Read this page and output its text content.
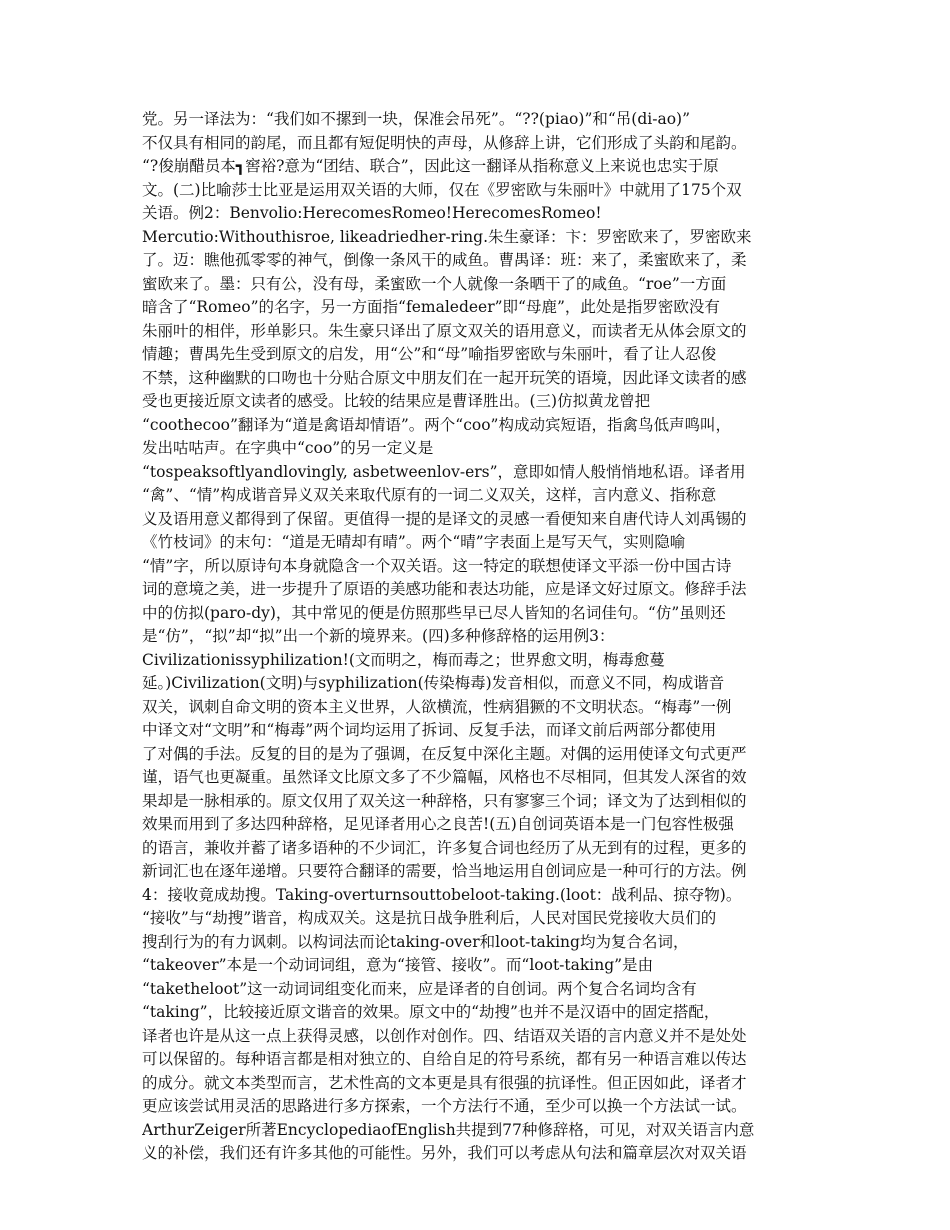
党。另一译法为：“我们如不摞到一块，保准会吊死”。“??(piao)”和“吊(di-ao)”
不仅具有相同的韵尾，而且都有短促明快的声母，从修辞上讲，它们形成了头韵和尾韵。
“?俊崩醋员本┓窖裕?意为“团结、联合”，因此这一翻译从指称意义上来说也忠实于原
文。(二)比喻莎士比亚是运用双关语的大师，仅在《罗密欧与朱丽叶》中就用了175个双
关语。例2：Benvolio:HerecomesRomeo!HerecomesRomeo!
Mercutio:Withouthisroe, likeadriedher-ring.朱生豪译：卞：罗密欧来了，罗密欧来
了。迈：瞧他孤零零的神气，倒像一条风干的咸鱼。曹禺译：班：来了，柔蜜欧来了，柔
蜜欧来了。墨：只有公，没有母，柔蜜欧一个人就像一条晒干了的咸鱼。“roe”一方面
暗含了“Romeo”的名字，另一方面指“femaledeer”即“母鹿”，此处是指罗密欧没有
朱丽叶的相伴，形单影只。朱生豪只译出了原文双关的语用意义，而读者无从体会原文的
情趣；曹禺先生受到原文的启发，用“公”和“母”喻指罗密欧与朱丽叶，看了让人忍俊
不禁，这种幽默的口吻也十分贴合原文中朋友们在一起开玩笑的语境，因此译文读者的感
受也更接近原文读者的感受。比较的结果应是曹译胜出。(三)仿拟黄龙曾把
“coothecoo”翻译为“道是禽语却情语”。两个“coo”构成动宾短语，指禽鸟低声鸣叫，
发出咕咕声。在字典中“coo”的另一定义是
“tospeaksoftlyandlovingly, asbetweenlov-ers”，意即如情人般悄悄地私语。译者用
“禽”、“情”构成谐音异义双关来取代原有的一词二义双关，这样，言内意义、指称意
义及语用意义都得到了保留。更值得一提的是译文的灵感一看便知来自唐代诗人刘禹锡的
《竹枝词》的末句：“道是无晴却有晴”。两个“晴”字表面上是写天气，实则隐喻
“情”字，所以原诗句本身就隐含一个双关语。这一特定的联想使译文平添一份中国古诗
词的意境之美，进一步提升了原语的美感功能和表达功能，应是译文好过原文。修辞手法
中的仿拟(paro-dy)，其中常见的便是仿照那些早已尽人皆知的名词佳句。“仿”虽则还
是“仿”，“拟”却“拟”出一个新的境界来。(四)多种修辞格的运用例3：
Civilizationissyphilization!(文而明之，梅而毒之；世界愈文明，梅毒愈蔓
延。)Civilization(文明)与syphilization(传染梅毒)发音相似，而意义不同，构成谐音
双关，讽刺自命文明的资本主义世界，人欲横流，性病猖獗的不文明状态。“梅毒”一例
中译文对“文明”和“梅毒”两个词均运用了拆词、反复手法，而译文前后两部分都使用
了对偶的手法。反复的目的是为了强调，在反复中深化主题。对偶的运用使译文句式更严
谨，语气也更凝重。虽然译文比原文多了不少篇幅，风格也不尽相同，但其发人深省的效
果却是一脉相承的。原文仅用了双关这一种辞格，只有寥寥三个词；译文为了达到相似的
效果而用到了多达四种辞格，足见译者用心之良苦!(五)自创词英语本是一门包容性极强
的语言，兼收并蓄了诸多语种的不少词汇，许多复合词也经历了从无到有的过程，更多的
新词汇也在逐年递增。只要符合翻译的需要，恰当地运用自创词应是一种可行的方法。例
4：接收竟成劫搜。Taking-overturnsouttobeloot-taking.(loot：战利品、掠夺物)。
“接收”与“劫搜”谐音，构成双关。这是抗日战争胜利后，人民对国民党接收大员们的
搜刮行为的有力讽刺。以构词法而论taking-over和loot-taking均为复合名词，
“takeover”本是一个动词词组，意为“接管、接收”。而“loot-taking”是由
“taketheloot”这一动词词组变化而来，应是译者的自创词。两个复合名词均含有
“taking”，比较接近原文谐音的效果。原文中的“劫搜”也并不是汉语中的固定搭配，
译者也许是从这一点上获得灵感，以创作对创作。四、结语双关语的言内意义并不是处处
可以保留的。每种语言都是相对独立的、自给自足的符号系统，都有另一种语言难以传达
的成分。就文本类型而言，艺术性高的文本更是具有很强的抗译性。但正因如此，译者才
更应该尝试用灵活的思路进行多方探索，一个方法行不通，至少可以换一个方法试一试。
ArthurZeiger所著EncyclopediaofEnglish共提到77种修辞格，可见，对双关语言内意
义的补偿，我们还有许多其他的可能性。另外，我们可以考虑从句法和篇章层次对双关语
